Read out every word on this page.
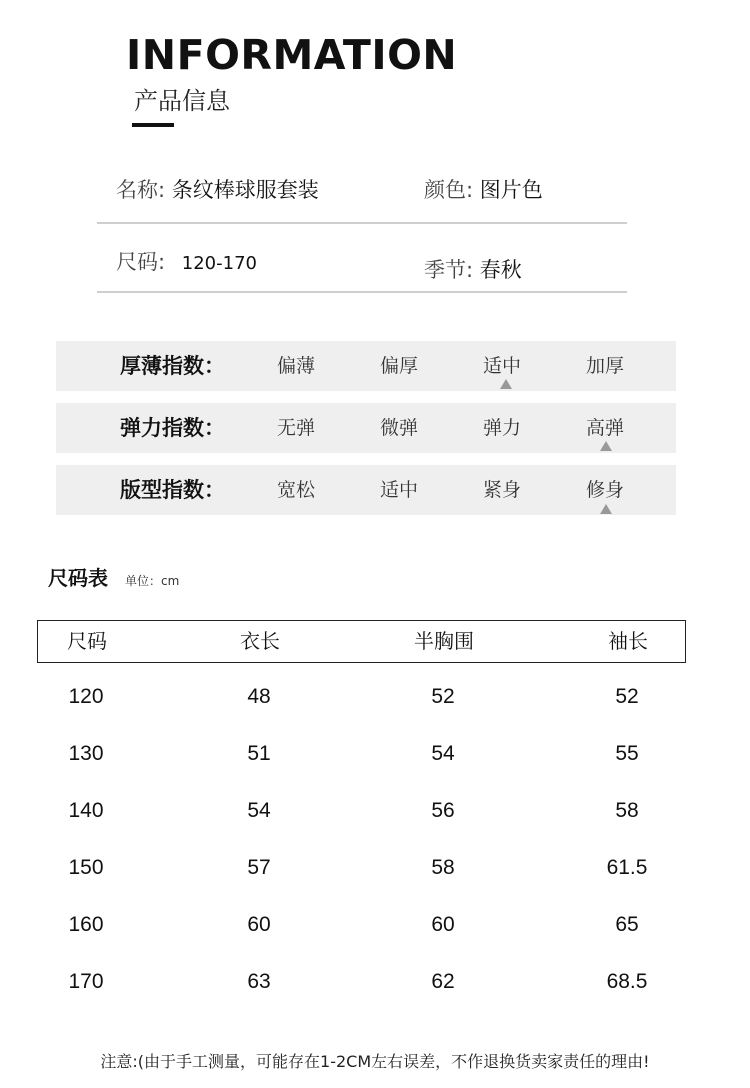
INFORMATION
产品信息
名称: 条纹棒球服套装	颜色: 图片色
尺码: 120-170	季节: 春秋
厚薄指数：	偏薄	偏厚	适中	加厚
弹力指数：	无弹	微弹	弹力	高弹
版型指数：	宽松	适中	紧身	修身
尺码表 单位：cm
尺码	衣长	半胸围	袖长
120	48	52	52
130	51	54	55
140	54	56	58
150	57	58	61.5
160	60	60	65
170	63	62	68.5
注意:(由于手工测量，可能存在1-2CM左右误差，不作退换货卖家责任的理由!
